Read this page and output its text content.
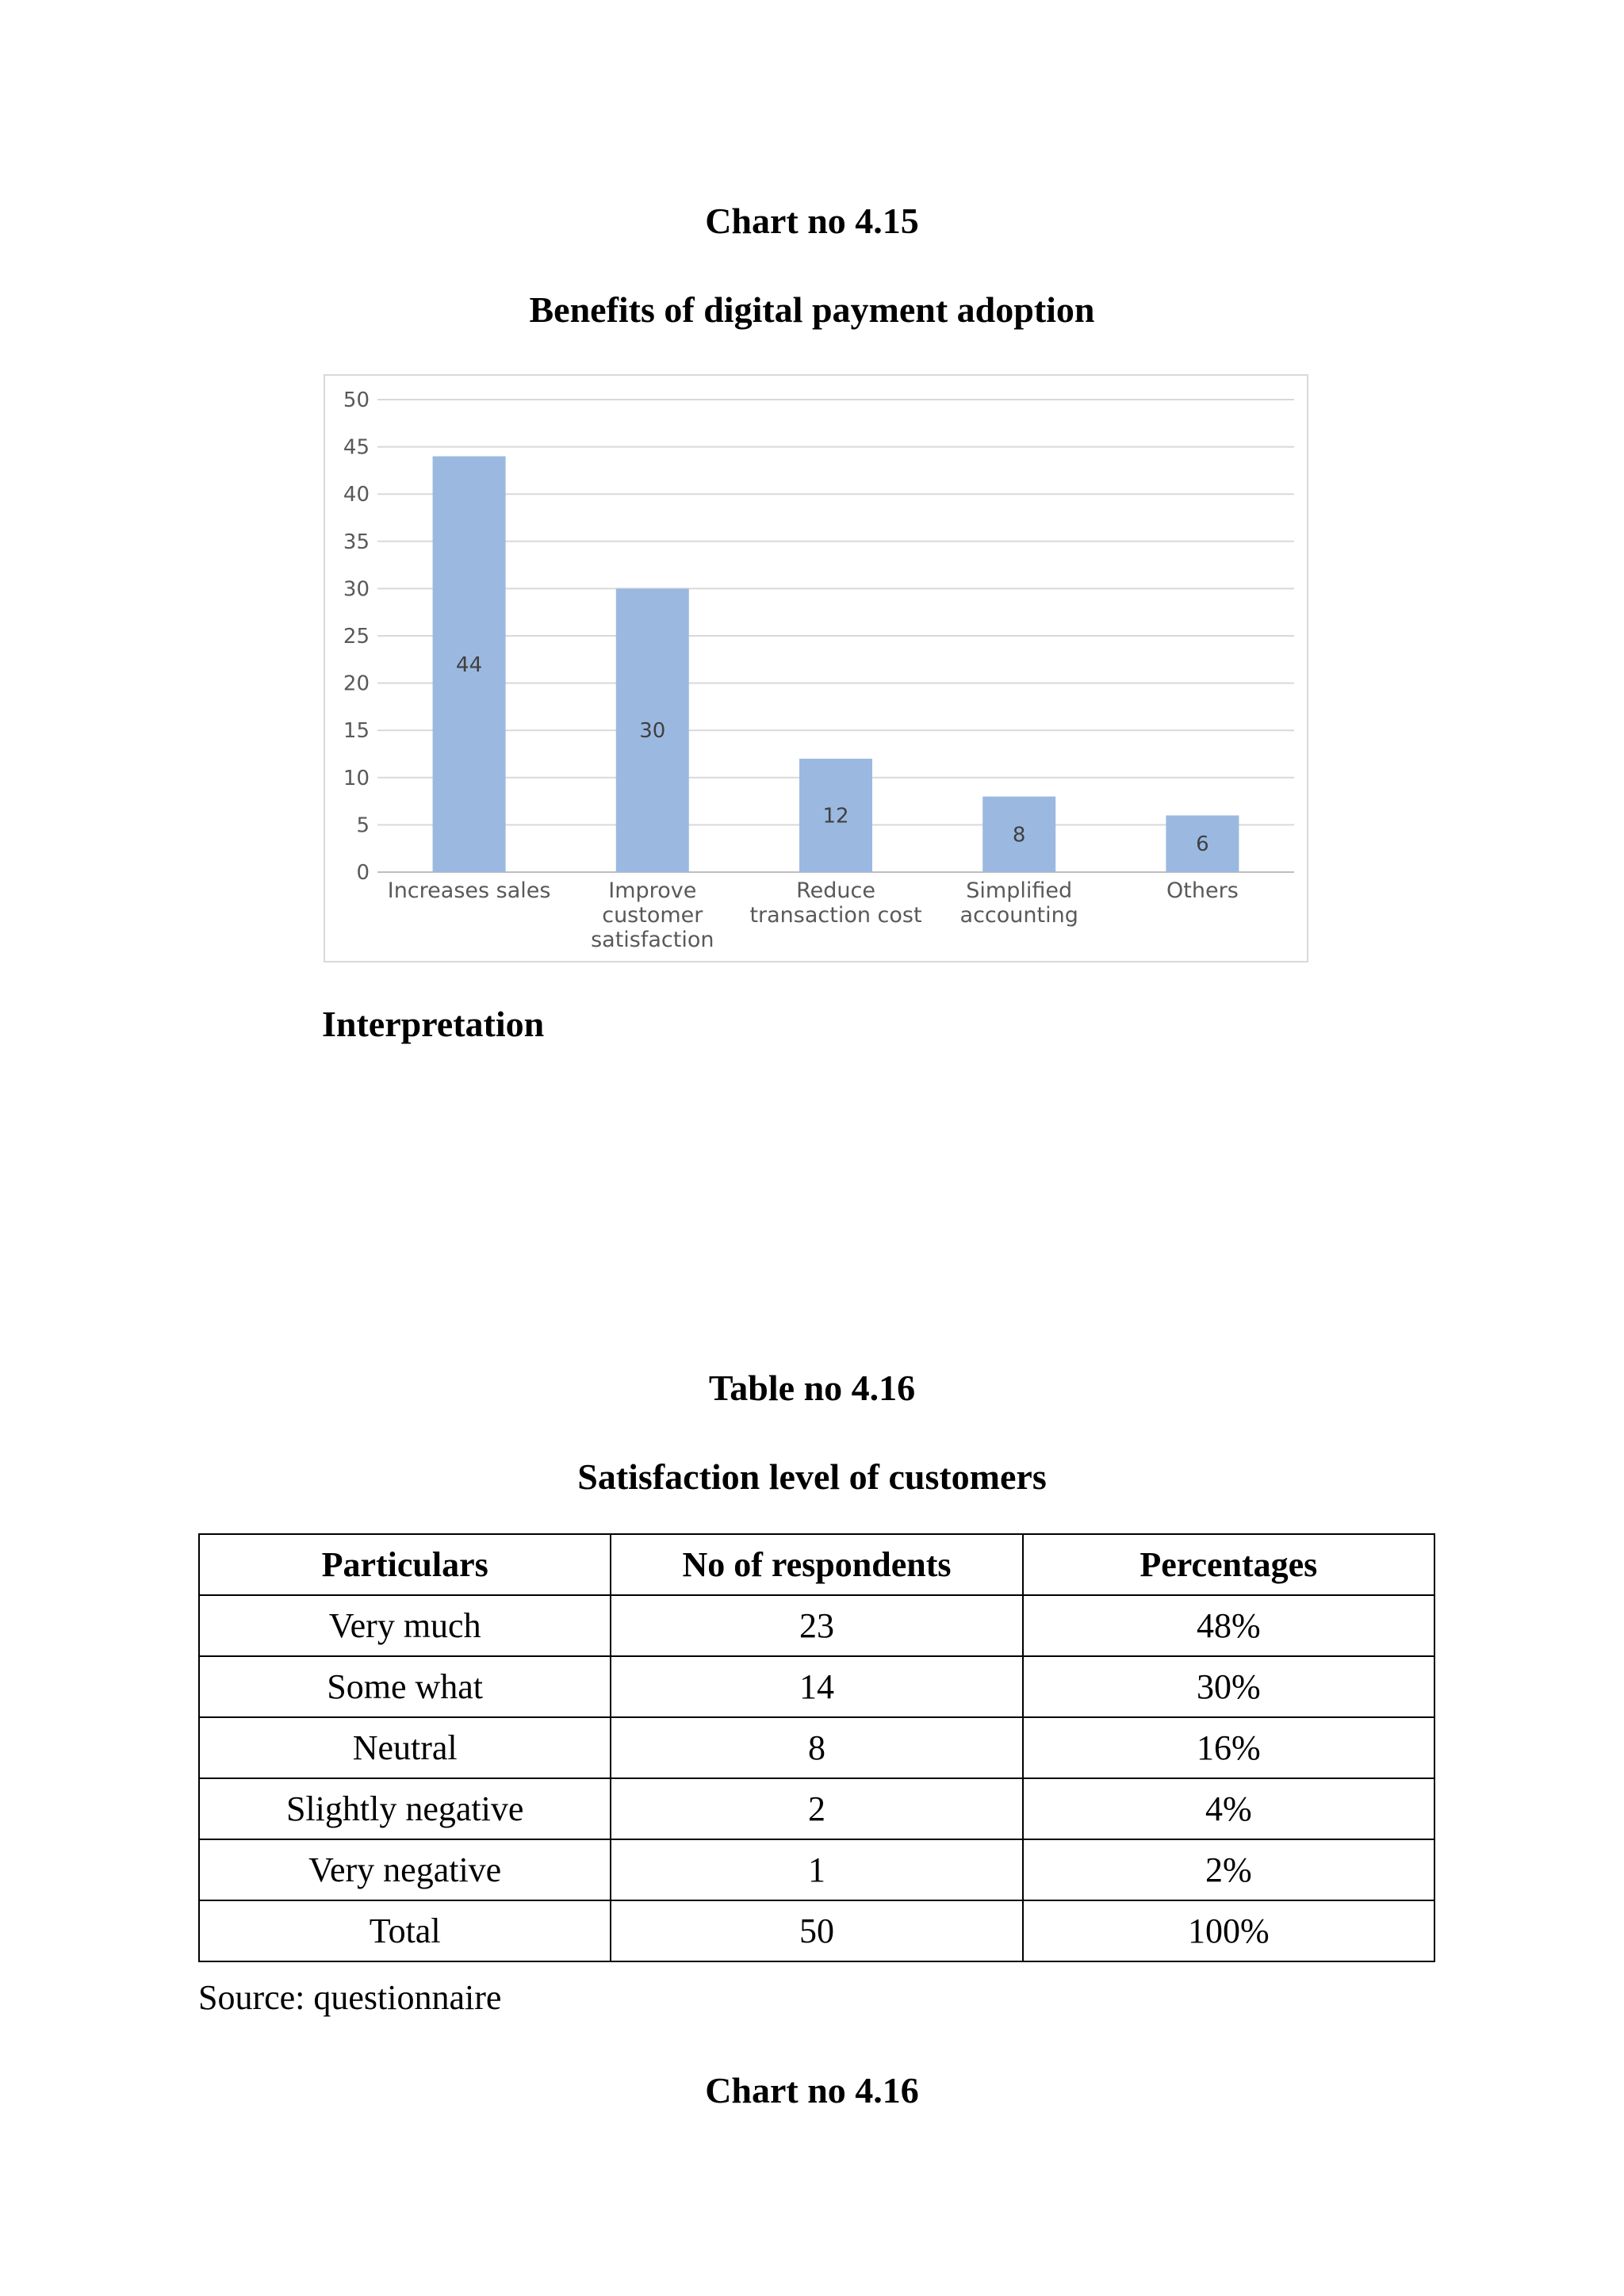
Chart no 4.15
Benefits of digital payment adoption
0
5
10
15
20
25
30
35
40
45
50
44
Increases sales
30
Improve
customer
satisfaction
12
Reduce
transaction cost
8
Simplified
accounting
6
Others
Interpretation
Table no 4.16
Satisfaction level of customers
Particulars	No of respondents	Percentages
Very much	23	48%
Some what	14	30%
Neutral	8	16%
Slightly negative	2	4%
Very negative	1	2%
Total	50	100%
Source: questionnaire
Chart no 4.16
